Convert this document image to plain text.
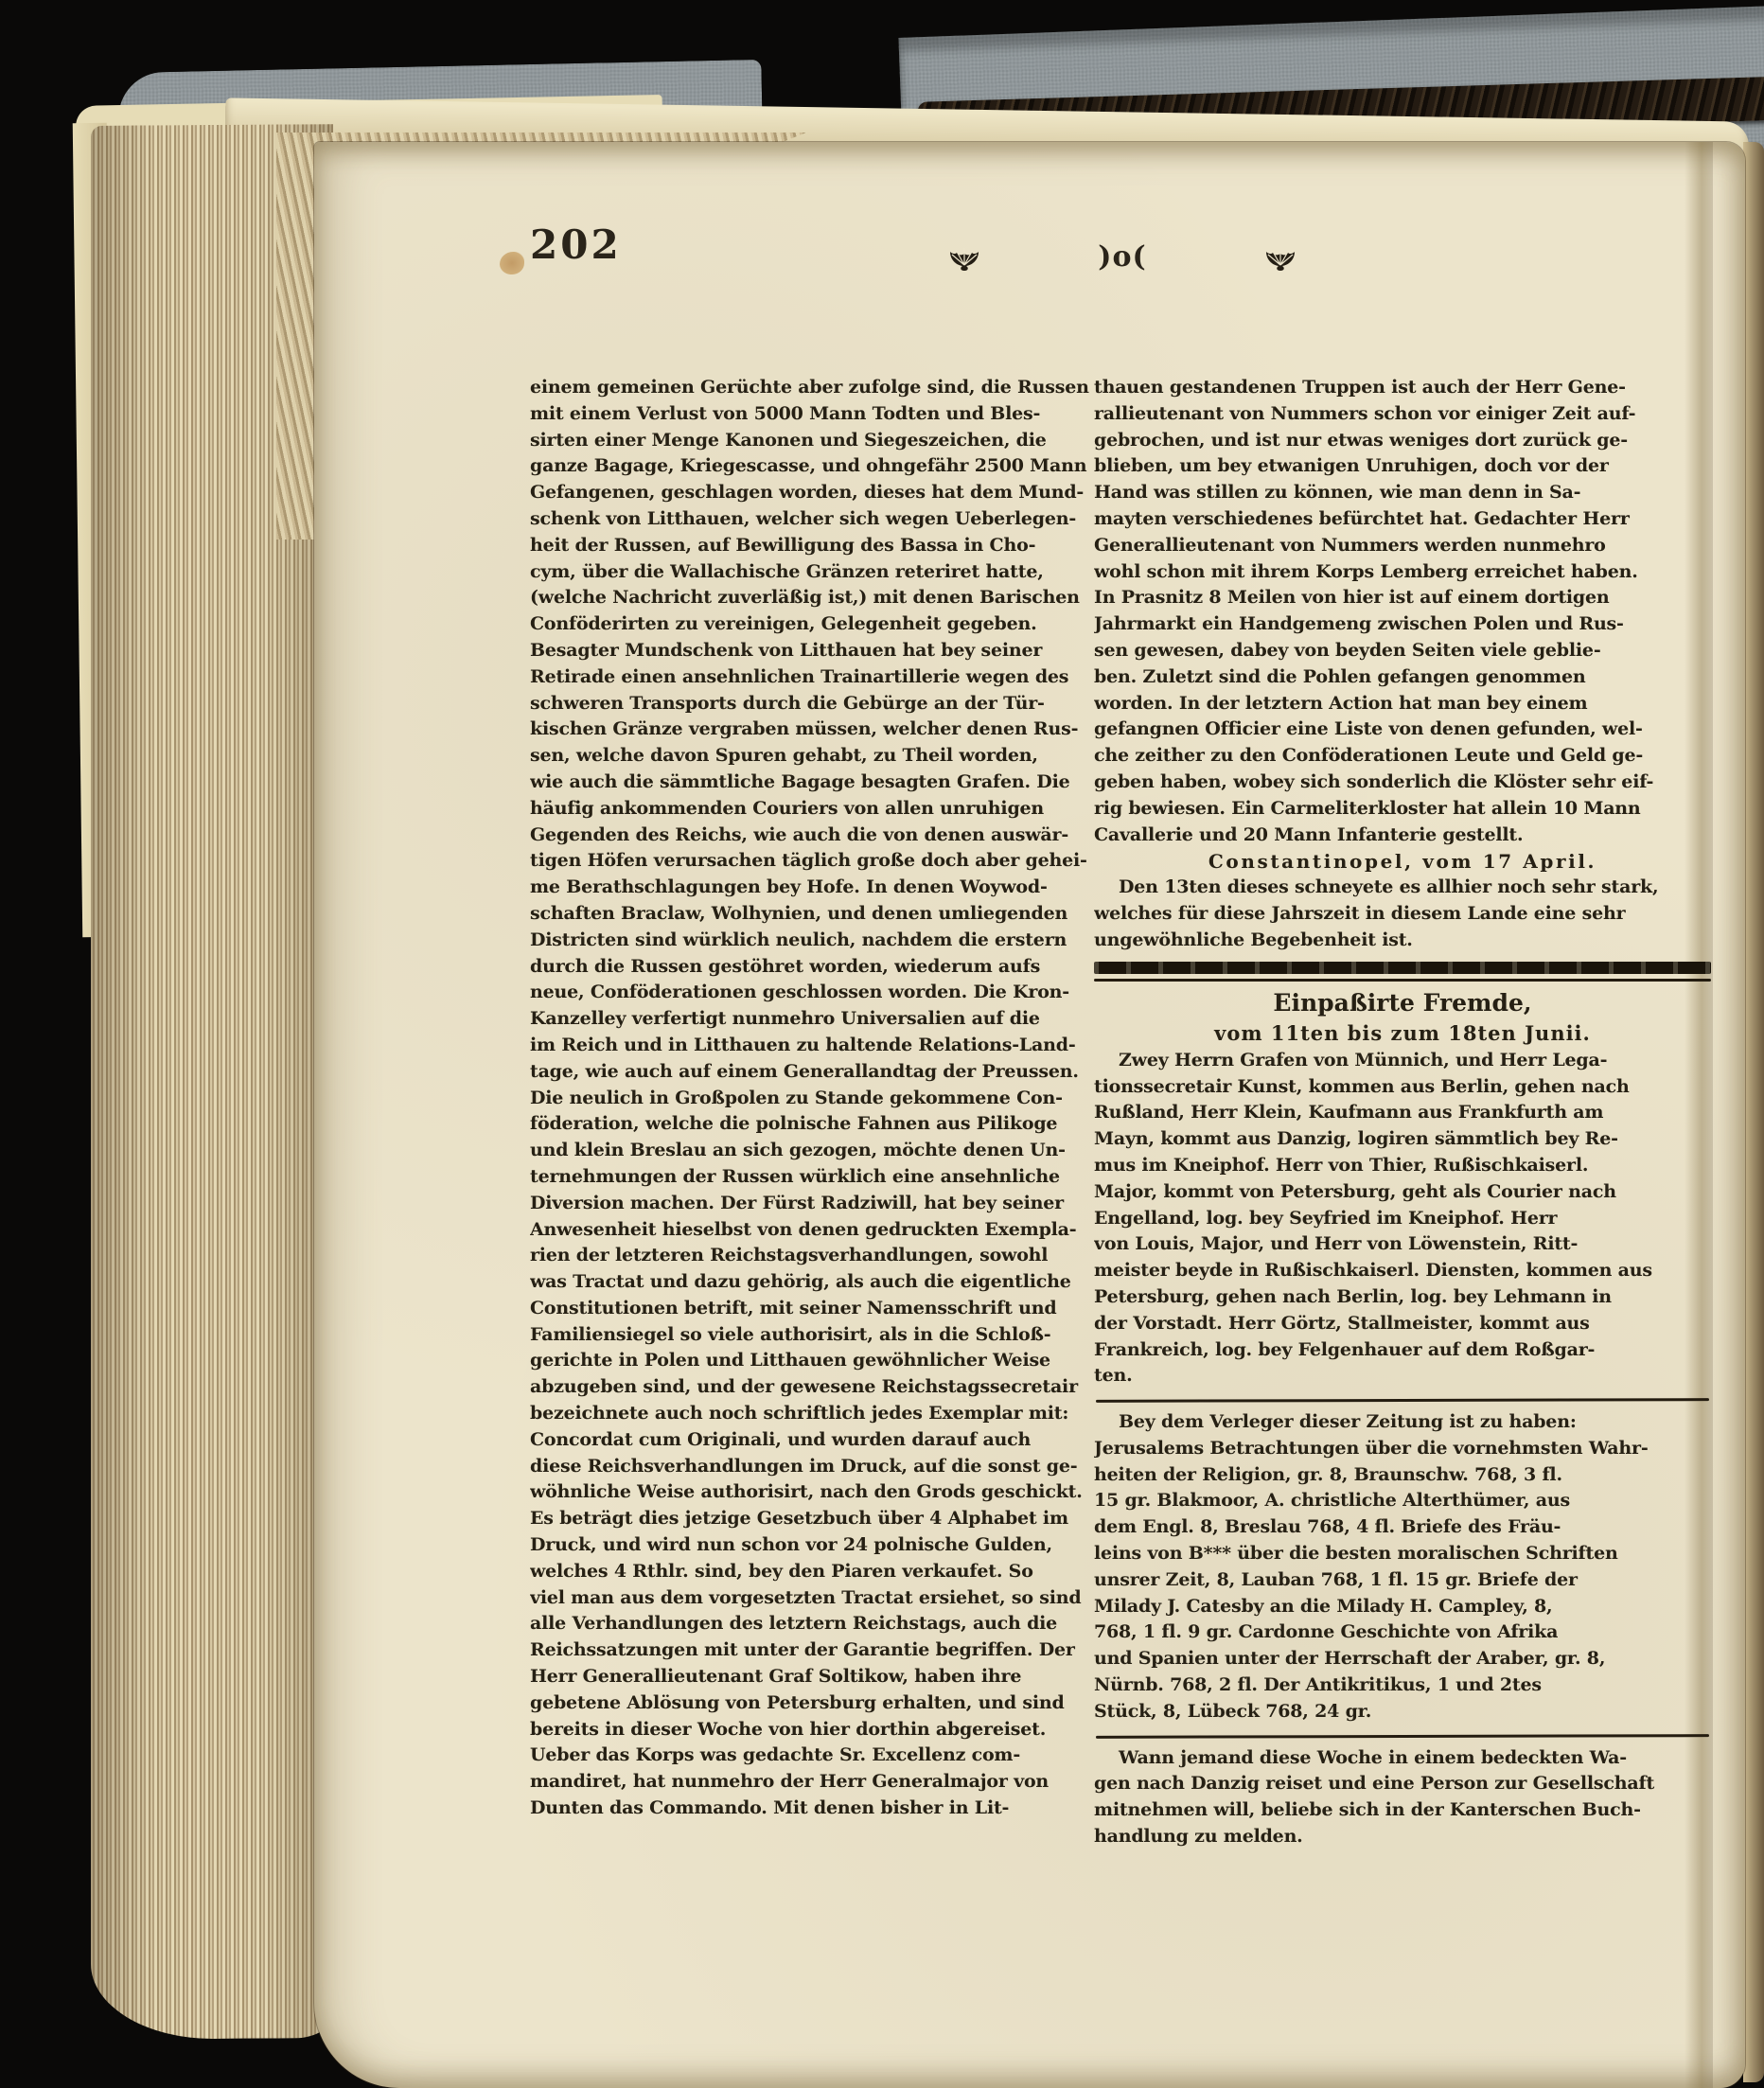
202	)o(
einem gemeinen Gerüchte aber zufolge sind, die Russen
mit einem Verlust von 5000 Mann Todten und Bles-
sirten einer Menge Kanonen und Siegeszeichen, die
ganze Bagage, Kriegescasse, und ohngefähr 2500 Mann
Gefangenen, geschlagen worden, dieses hat dem Mund-
schenk von Litthauen, welcher sich wegen Ueberlegen-
heit der Russen, auf Bewilligung des Bassa in Cho-
cym, über die Wallachische Gränzen reteriret hatte,
(welche Nachricht zuverläßig ist,) mit denen Barischen
Conföderirten zu vereinigen, Gelegenheit gegeben.
Besagter Mundschenk von Litthauen hat bey seiner
Retirade einen ansehnlichen Trainartillerie wegen des
schweren Transports durch die Gebürge an der Tür-
kischen Gränze vergraben müssen, welcher denen Rus-
sen, welche davon Spuren gehabt, zu Theil worden,
wie auch die sämmtliche Bagage besagten Grafen. Die
häufig ankommenden Couriers von allen unruhigen
Gegenden des Reichs, wie auch die von denen auswär-
tigen Höfen verursachen täglich große doch aber gehei-
me Berathschlagungen bey Hofe. In denen Woywod-
schaften Braclaw, Wolhynien, und denen umliegenden
Districten sind würklich neulich, nachdem die erstern
durch die Russen gestöhret worden, wiederum aufs
neue, Conföderationen geschlossen worden. Die Kron-
Kanzelley verfertigt nunmehro Universalien auf die
im Reich und in Litthauen zu haltende Relations-Land-
tage, wie auch auf einem Generallandtag der Preussen.
Die neulich in Großpolen zu Stande gekommene Con-
föderation, welche die polnische Fahnen aus Pilikoge
und klein Breslau an sich gezogen, möchte denen Un-
ternehmungen der Russen würklich eine ansehnliche
Diversion machen. Der Fürst Radziwill, hat bey seiner
Anwesenheit hieselbst von denen gedruckten Exempla-
rien der letzteren Reichstagsverhandlungen, sowohl
was Tractat und dazu gehörig, als auch die eigentliche
Constitutionen betrift, mit seiner Namensschrift und
Familiensiegel so viele authorisirt, als in die Schloß-
gerichte in Polen und Litthauen gewöhnlicher Weise
abzugeben sind, und der gewesene Reichstagssecretair
bezeichnete auch noch schriftlich jedes Exemplar mit:
Concordat cum Originali, und wurden darauf auch
diese Reichsverhandlungen im Druck, auf die sonst ge-
wöhnliche Weise authorisirt, nach den Grods geschickt.
Es beträgt dies jetzige Gesetzbuch über 4 Alphabet im
Druck, und wird nun schon vor 24 polnische Gulden,
welches 4 Rthlr. sind, bey den Piaren verkaufet. So
viel man aus dem vorgesetzten Tractat ersiehet, so sind
alle Verhandlungen des letztern Reichstags, auch die
Reichssatzungen mit unter der Garantie begriffen. Der
Herr Generallieutenant Graf Soltikow, haben ihre
gebetene Ablösung von Petersburg erhalten, und sind
bereits in dieser Woche von hier dorthin abgereiset.
Ueber das Korps was gedachte Sr. Excellenz com-
mandiret, hat nunmehro der Herr Generalmajor von
Dunten das Commando. Mit denen bisher in Lit-
thauen gestandenen Truppen ist auch der Herr Gene-
rallieutenant von Nummers schon vor einiger Zeit auf-
gebrochen, und ist nur etwas weniges dort zurück ge-
blieben, um bey etwanigen Unruhigen, doch vor der
Hand was stillen zu können, wie man denn in Sa-
mayten verschiedenes befürchtet hat. Gedachter Herr
Generallieutenant von Nummers werden nunmehro
wohl schon mit ihrem Korps Lemberg erreichet haben.
In Prasnitz 8 Meilen von hier ist auf einem dortigen
Jahrmarkt ein Handgemeng zwischen Polen und Rus-
sen gewesen, dabey von beyden Seiten viele geblie-
ben. Zuletzt sind die Pohlen gefangen genommen
worden. In der letztern Action hat man bey einem
gefangnen Officier eine Liste von denen gefunden, wel-
che zeither zu den Conföderationen Leute und Geld ge-
geben haben, wobey sich sonderlich die Klöster sehr eif-
rig bewiesen. Ein Carmeliterkloster hat allein 10 Mann
Cavallerie und 20 Mann Infanterie gestellt.
Constantinopel, vom 17 April.
Den 13ten dieses schneyete es allhier noch sehr stark,
welches für diese Jahrszeit in diesem Lande eine sehr
ungewöhnliche Begebenheit ist.
Einpaßirte Fremde,
vom 11ten bis zum 18ten Junii.
Zwey Herrn Grafen von Münnich, und Herr Lega-
tionssecretair Kunst, kommen aus Berlin, gehen nach
Rußland, Herr Klein, Kaufmann aus Frankfurth am
Mayn, kommt aus Danzig, logiren sämmtlich bey Re-
mus im Kneiphof. Herr von Thier, Rußischkaiserl.
Major, kommt von Petersburg, geht als Courier nach
Engelland, log. bey Seyfried im Kneiphof. Herr
von Louis, Major, und Herr von Löwenstein, Ritt-
meister beyde in Rußischkaiserl. Diensten, kommen aus
Petersburg, gehen nach Berlin, log. bey Lehmann in
der Vorstadt. Herr Görtz, Stallmeister, kommt aus
Frankreich, log. bey Felgenhauer auf dem Roßgar-
ten.
Bey dem Verleger dieser Zeitung ist zu haben:
Jerusalems Betrachtungen über die vornehmsten Wahr-
heiten der Religion, gr. 8, Braunschw. 768, 3 fl.
15 gr. Blakmoor, A. christliche Alterthümer, aus
dem Engl. 8, Breslau 768, 4 fl. Briefe des Fräu-
leins von B*** über die besten moralischen Schriften
unsrer Zeit, 8, Lauban 768, 1 fl. 15 gr. Briefe der
Milady J. Catesby an die Milady H. Campley, 8,
768, 1 fl. 9 gr. Cardonne Geschichte von Afrika
und Spanien unter der Herrschaft der Araber, gr. 8,
Nürnb. 768, 2 fl. Der Antikritikus, 1 und 2tes
Stück, 8, Lübeck 768, 24 gr.
Wann jemand diese Woche in einem bedeckten Wa-
gen nach Danzig reiset und eine Person zur Gesellschaft
mitnehmen will, beliebe sich in der Kanterschen Buch-
handlung zu melden.
